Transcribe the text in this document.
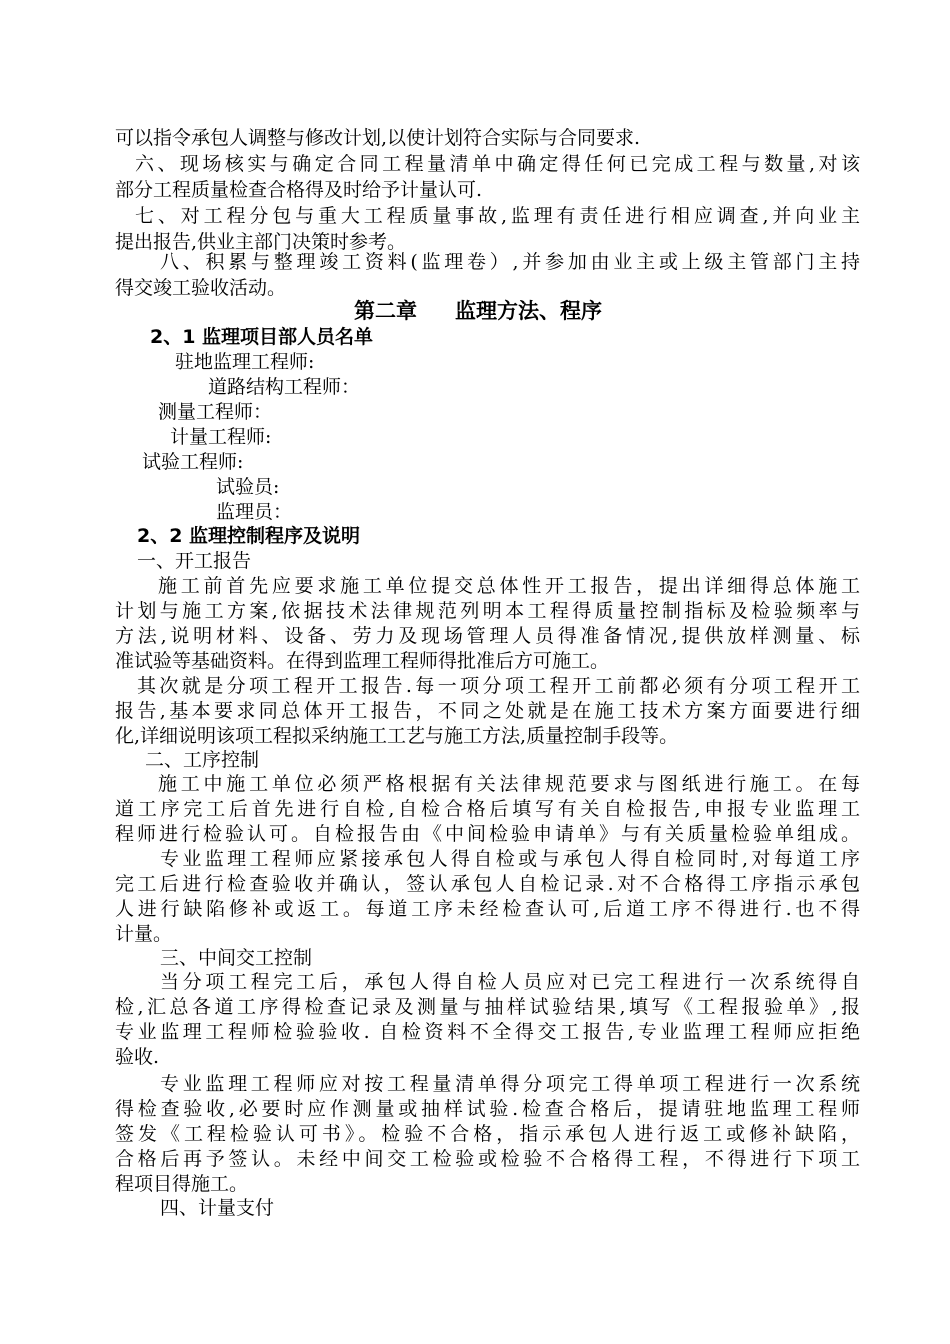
第二章 监理方法、程序
可以指令承包人调整与修改计划,以使计划符合实际与合同要求.
六、现场核实与确定合同工程量清单中确定得任何已完成工程与数量,对该
部分工程质量检查合格得及时给予计量认可.
七、对工程分包与重大工程质量事故,监理有责任进行相应调查,并向业主
提出报告,供业主部门决策时参考。
八、积累与整理竣工资料(监理卷）,并参加由业主或上级主管部门主持
得交竣工验收活动。
2、1 监理项目部人员名单
驻地监理工程师:
道路结构工程师：
测量工程师：
计量工程师:
试验工程师:
试验员:
监理员：
2、2 监理控制程序及说明
一、开工报告
施工前首先应要求施工单位提交总体性开工报告，提出详细得总体施工
计划与施工方案,依据技术法律规范列明本工程得质量控制指标及检验频率与
方法,说明材料、设备、劳力及现场管理人员得准备情况,提供放样测量、标
准试验等基础资料。在得到监理工程师得批准后方可施工。
其次就是分项工程开工报告.每一项分项工程开工前都必须有分项工程开工
报告,基本要求同总体开工报告，不同之处就是在施工技术方案方面要进行细
化,详细说明该项工程拟采纳施工工艺与施工方法,质量控制手段等。
二、工序控制
施工中施工单位必须严格根据有关法律规范要求与图纸进行施工。在每
道工序完工后首先进行自检,自检合格后填写有关自检报告,申报专业监理工
程师进行检验认可。自检报告由《中间检验申请单》与有关质量检验单组成。
专业监理工程师应紧接承包人得自检或与承包人得自检同时,对每道工序
完工后进行检查验收并确认，签认承包人自检记录.对不合格得工序指示承包
人进行缺陷修补或返工。每道工序未经检查认可,后道工序不得进行.也不得
计量。
三、中间交工控制
当分项工程完工后，承包人得自检人员应对已完工程进行一次系统得自
检,汇总各道工序得检查记录及测量与抽样试验结果,填写《工程报验单》,报
专业监理工程师检验验收. 自检资料不全得交工报告,专业监理工程师应拒绝
验收.
专业监理工程师应对按工程量清单得分项完工得单项工程进行一次系统
得检查验收,必要时应作测量或抽样试验.检查合格后，提请驻地监理工程师
签发《工程检验认可书》。检验不合格，指示承包人进行返工或修补缺陷，
合格后再予签认。未经中间交工检验或检验不合格得工程，不得进行下项工
程项目得施工。
四、计量支付
